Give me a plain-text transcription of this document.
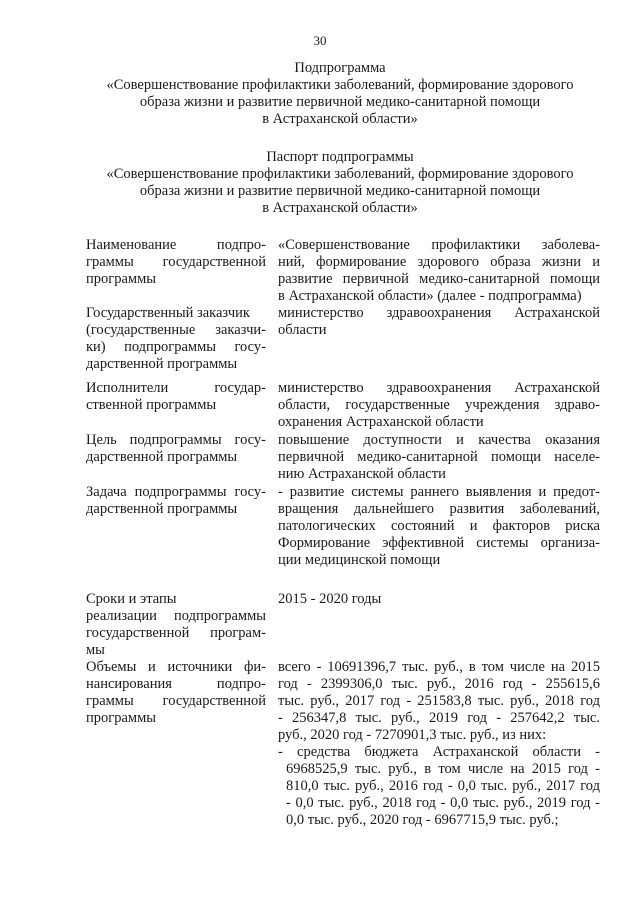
30
Подпрограмма
«Совершенствование профилактики заболеваний, формирование здорового
образа жизни и развитие первичной медико-санитарной помощи
в Астраханской области»
Паспорт подпрограммы
«Совершенствование профилактики заболеваний, формирование здорового
образа жизни и развитие первичной медико-санитарной помощи
в Астраханской области»
Наименование подпро-
граммы государственной
программы
«Совершенствование профилактики заболева-
ний, формирование здорового образа жизни и
развитие первичной медико-санитарной помощи
в Астраханской области» (далее - подпрограмма)
Государственный заказчик
(государственные заказчи-
ки) подпрограммы госу-
дарственной программы
министерство здравоохранения Астраханской
области
Исполнители государ-
ственной программы
министерство здравоохранения Астраханской
области, государственные учреждения здраво-
охранения Астраханской области
Цель подпрограммы госу-
дарственной программы
повышение доступности и качества оказания
первичной медико-санитарной помощи населе-
нию Астраханской области
Задача подпрограммы госу-
дарственной программы
- развитие системы раннего выявления и предот-
вращения дальнейшего развития заболеваний,
патологических состояний и факторов риска
Формирование эффективной системы организа-
ции медицинской помощи
Сроки и этапы
реализации подпрограммы
государственной програм-
мы
2015 - 2020 годы
Объемы и источники фи-
нансирования подпро-
граммы государственной
программы
всего - 10691396,7 тыс. руб., в том числе на 2015
год - 2399306,0 тыс. руб., 2016 год - 255615,6
тыс. руб., 2017 год - 251583,8 тыс. руб., 2018 год
- 256347,8 тыс. руб., 2019 год - 257642,2 тыс.
руб., 2020 год - 7270901,3 тыс. руб., из них:
- средства бюджета Астраханской области -
6968525,9 тыс. руб., в том числе на 2015 год -
810,0 тыс. руб., 2016 год - 0,0 тыс. руб., 2017 год
- 0,0 тыс. руб., 2018 год - 0,0 тыс. руб., 2019 год -
0,0 тыс. руб., 2020 год - 6967715,9 тыс. руб.;
